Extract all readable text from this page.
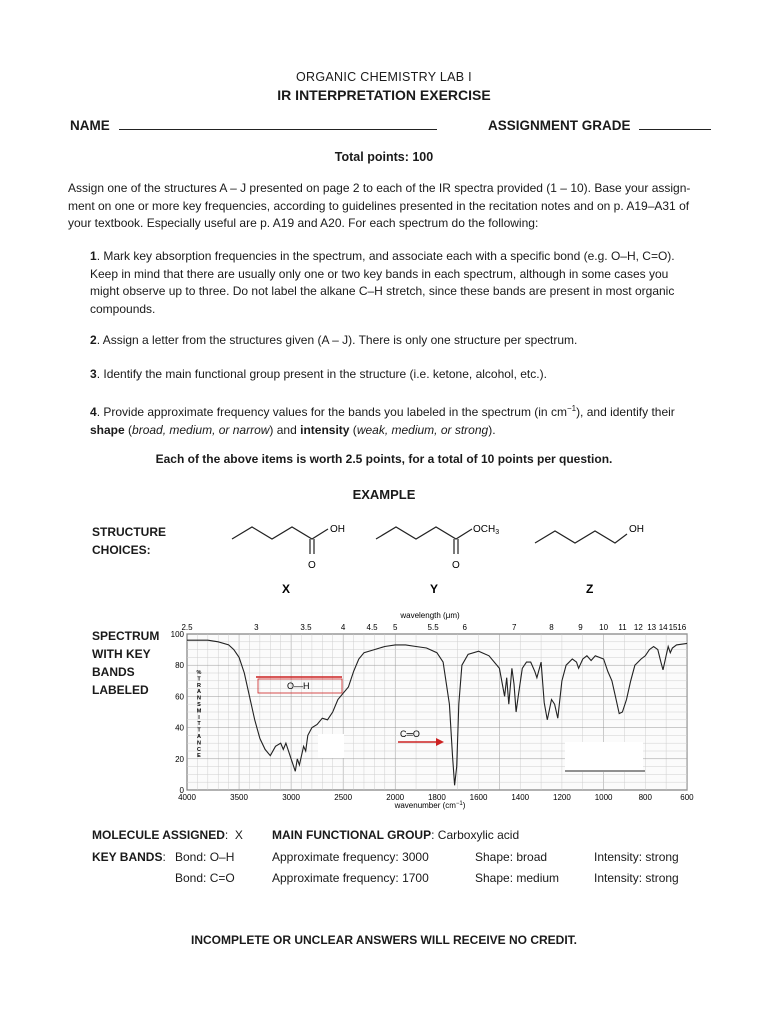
ORGANIC CHEMISTRY LAB I

IR INTERPRETATION EXERCISE

NAME	ASSIGNMENT GRADE

Total points: 100

Assign one of the structures A – J presented on page 2 to each of the IR spectra provided (1 – 10). Base your assign-ment on one or more key frequencies, according to guidelines presented in the recitation notes and on p. A19–A31 of your textbook. Especially useful are p. A19 and A20. For each spectrum do the following:

1. Mark key absorption frequencies in the spectrum, and associate each with a specific bond (e.g. O–H, C=O). Keep in mind that there are usually only one or two key bands in each spectrum, although in some cases you might observe up to three. Do not label the alkane C–H stretch, since these bands are present in most organic compounds.

2. Assign a letter from the structures given (A – J). There is only one structure per spectrum.

3. Identify the main functional group present in the structure (i.e. ketone, alcohol, etc.).

4. Provide approximate frequency values for the bands you labeled in the spectrum (in $cm^{-1}$), and identify their shape (broad, medium, or narrow) and intensity (weak, medium, or strong).

Each of the above items is worth 2.5 points, for a total of 10 points per question.

EXAMPLE

STRUCTURE
CHOICES:
OH
O
X
$OCH_3$
O
Y
OH
Z
SPECTRUM
WITH KEY
BANDS
LABELED
4000	3500	3000	2500	2000	1800	1600	1400	1200	1000	800	600
2.5	3	3.5	4	4.5 5	5.5	6	7	8	9 10 11 12 13 14 15 16
0
20
40
60
80
100
%
T
R
A
N
S
M
I
T
T
A
N
C
E
wavelength (μm)
wavenumber $(cm^{-1})$
O—H
C═O
MOLECULE ASSIGNED:  X MAIN FUNCTIONAL GROUP: Carboxylic acid
KEY BANDS: Bond: O–H	Approximate frequency: 3000	Shape: broad	Intensity: strong
Bond: C=O	Approximate frequency: 1700	Shape: medium	Intensity: strong

INCOMPLETE OR UNCLEAR ANSWERS WILL RECEIVE NO CREDIT.
